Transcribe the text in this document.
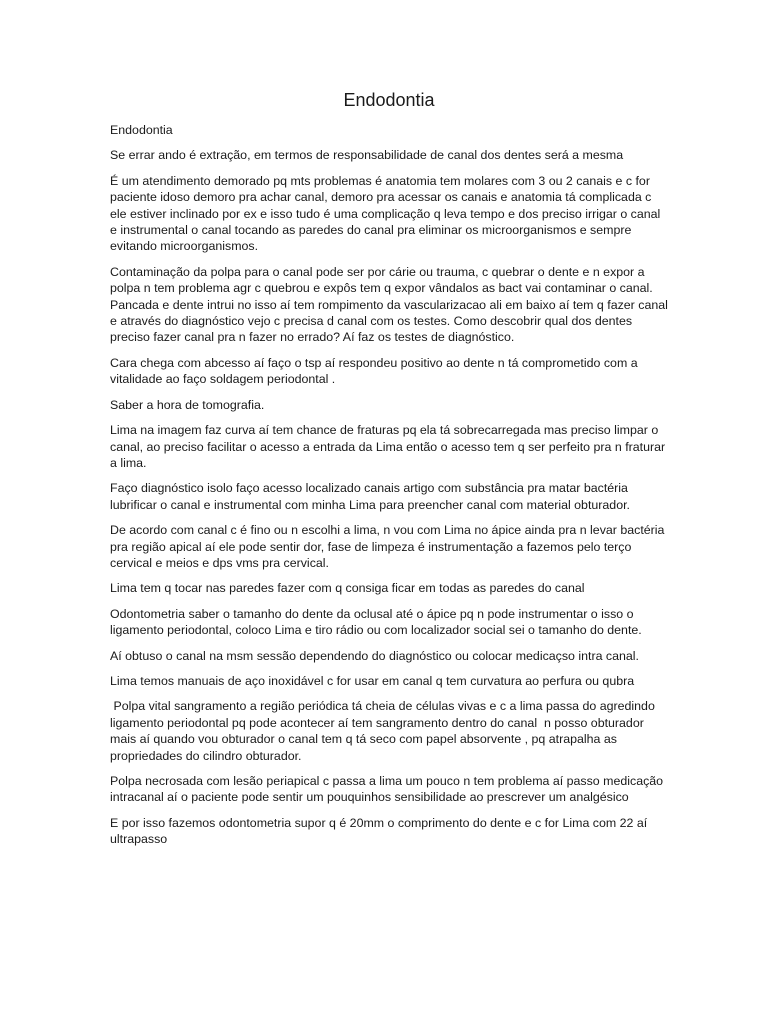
Endodontia

Endodontia

Se errar ando é extração, em termos de responsabilidade de canal dos dentes será a mesma

É um atendimento demorado pq mts problemas é anatomia tem molares com 3 ou 2 canais e c for paciente idoso demoro pra achar canal, demoro pra acessar os canais e anatomia tá complicada c ele estiver inclinado por ex e isso tudo é uma complicação q leva tempo e dos preciso irrigar o canal e instrumental o canal tocando as paredes do canal pra eliminar os microorganismos e sempre evitando microorganismos.

Contaminação da polpa para o canal pode ser por cárie ou trauma, c quebrar o dente e n expor a polpa n tem problema agr c quebrou e expôs tem q expor vândalos as bact vai contaminar o canal. Pancada e dente intrui no isso aí tem rompimento da vascularizacao ali em baixo aí tem q fazer canal e através do diagnóstico vejo c precisa d canal com os testes. Como descobrir qual dos dentes preciso fazer canal pra n fazer no errado? Aí faz os testes de diagnóstico.

Cara chega com abcesso aí faço o tsp aí respondeu positivo ao dente n tá comprometido com a vitalidade ao faço soldagem periodontal .

Saber a hora de tomografia.

Lima na imagem faz curva aí tem chance de fraturas pq ela tá sobrecarregada mas preciso limpar o canal, ao preciso facilitar o acesso a entrada da Lima então o acesso tem q ser perfeito pra n fraturar a lima.

Faço diagnóstico isolo faço acesso localizado canais artigo com substância pra matar bactéria lubrificar o canal e instrumental com minha Lima para preencher canal com material obturador.

De acordo com canal c é fino ou n escolhi a lima, n vou com Lima no ápice ainda pra n levar bactéria pra região apical aí ele pode sentir dor, fase de limpeza é instrumentação a fazemos pelo terço cervical e meios e dps vms pra cervical.

Lima tem q tocar nas paredes fazer com q consiga ficar em todas as paredes do canal

Odontometria saber o tamanho do dente da oclusal até o ápice pq n pode instrumentar o isso o ligamento periodontal, coloco Lima e tiro rádio ou com localizador social sei o tamanho do dente.

Aí obtuso o canal na msm sessão dependendo do diagnóstico ou colocar medicaçso intra canal.

Lima temos manuais de aço inoxidável c for usar em canal q tem curvatura ao perfura ou qubra

Polpa vital sangramento a região periódica tá cheia de células vivas e c a lima passa do agredindo ligamento periodontal pq pode acontecer aí tem sangramento dentro do canal  n posso obturador mais aí quando vou obturador o canal tem q tá seco com papel absorvente , pq atrapalha as propriedades do cilindro obturador.

Polpa necrosada com lesão periapical c passa a lima um pouco n tem problema aí passo medicação intracanal aí o paciente pode sentir um pouquinhos sensibilidade ao prescrever um analgésico

E por isso fazemos odontometria supor q é 20mm o comprimento do dente e c for Lima com 22 aí ultrapasso
